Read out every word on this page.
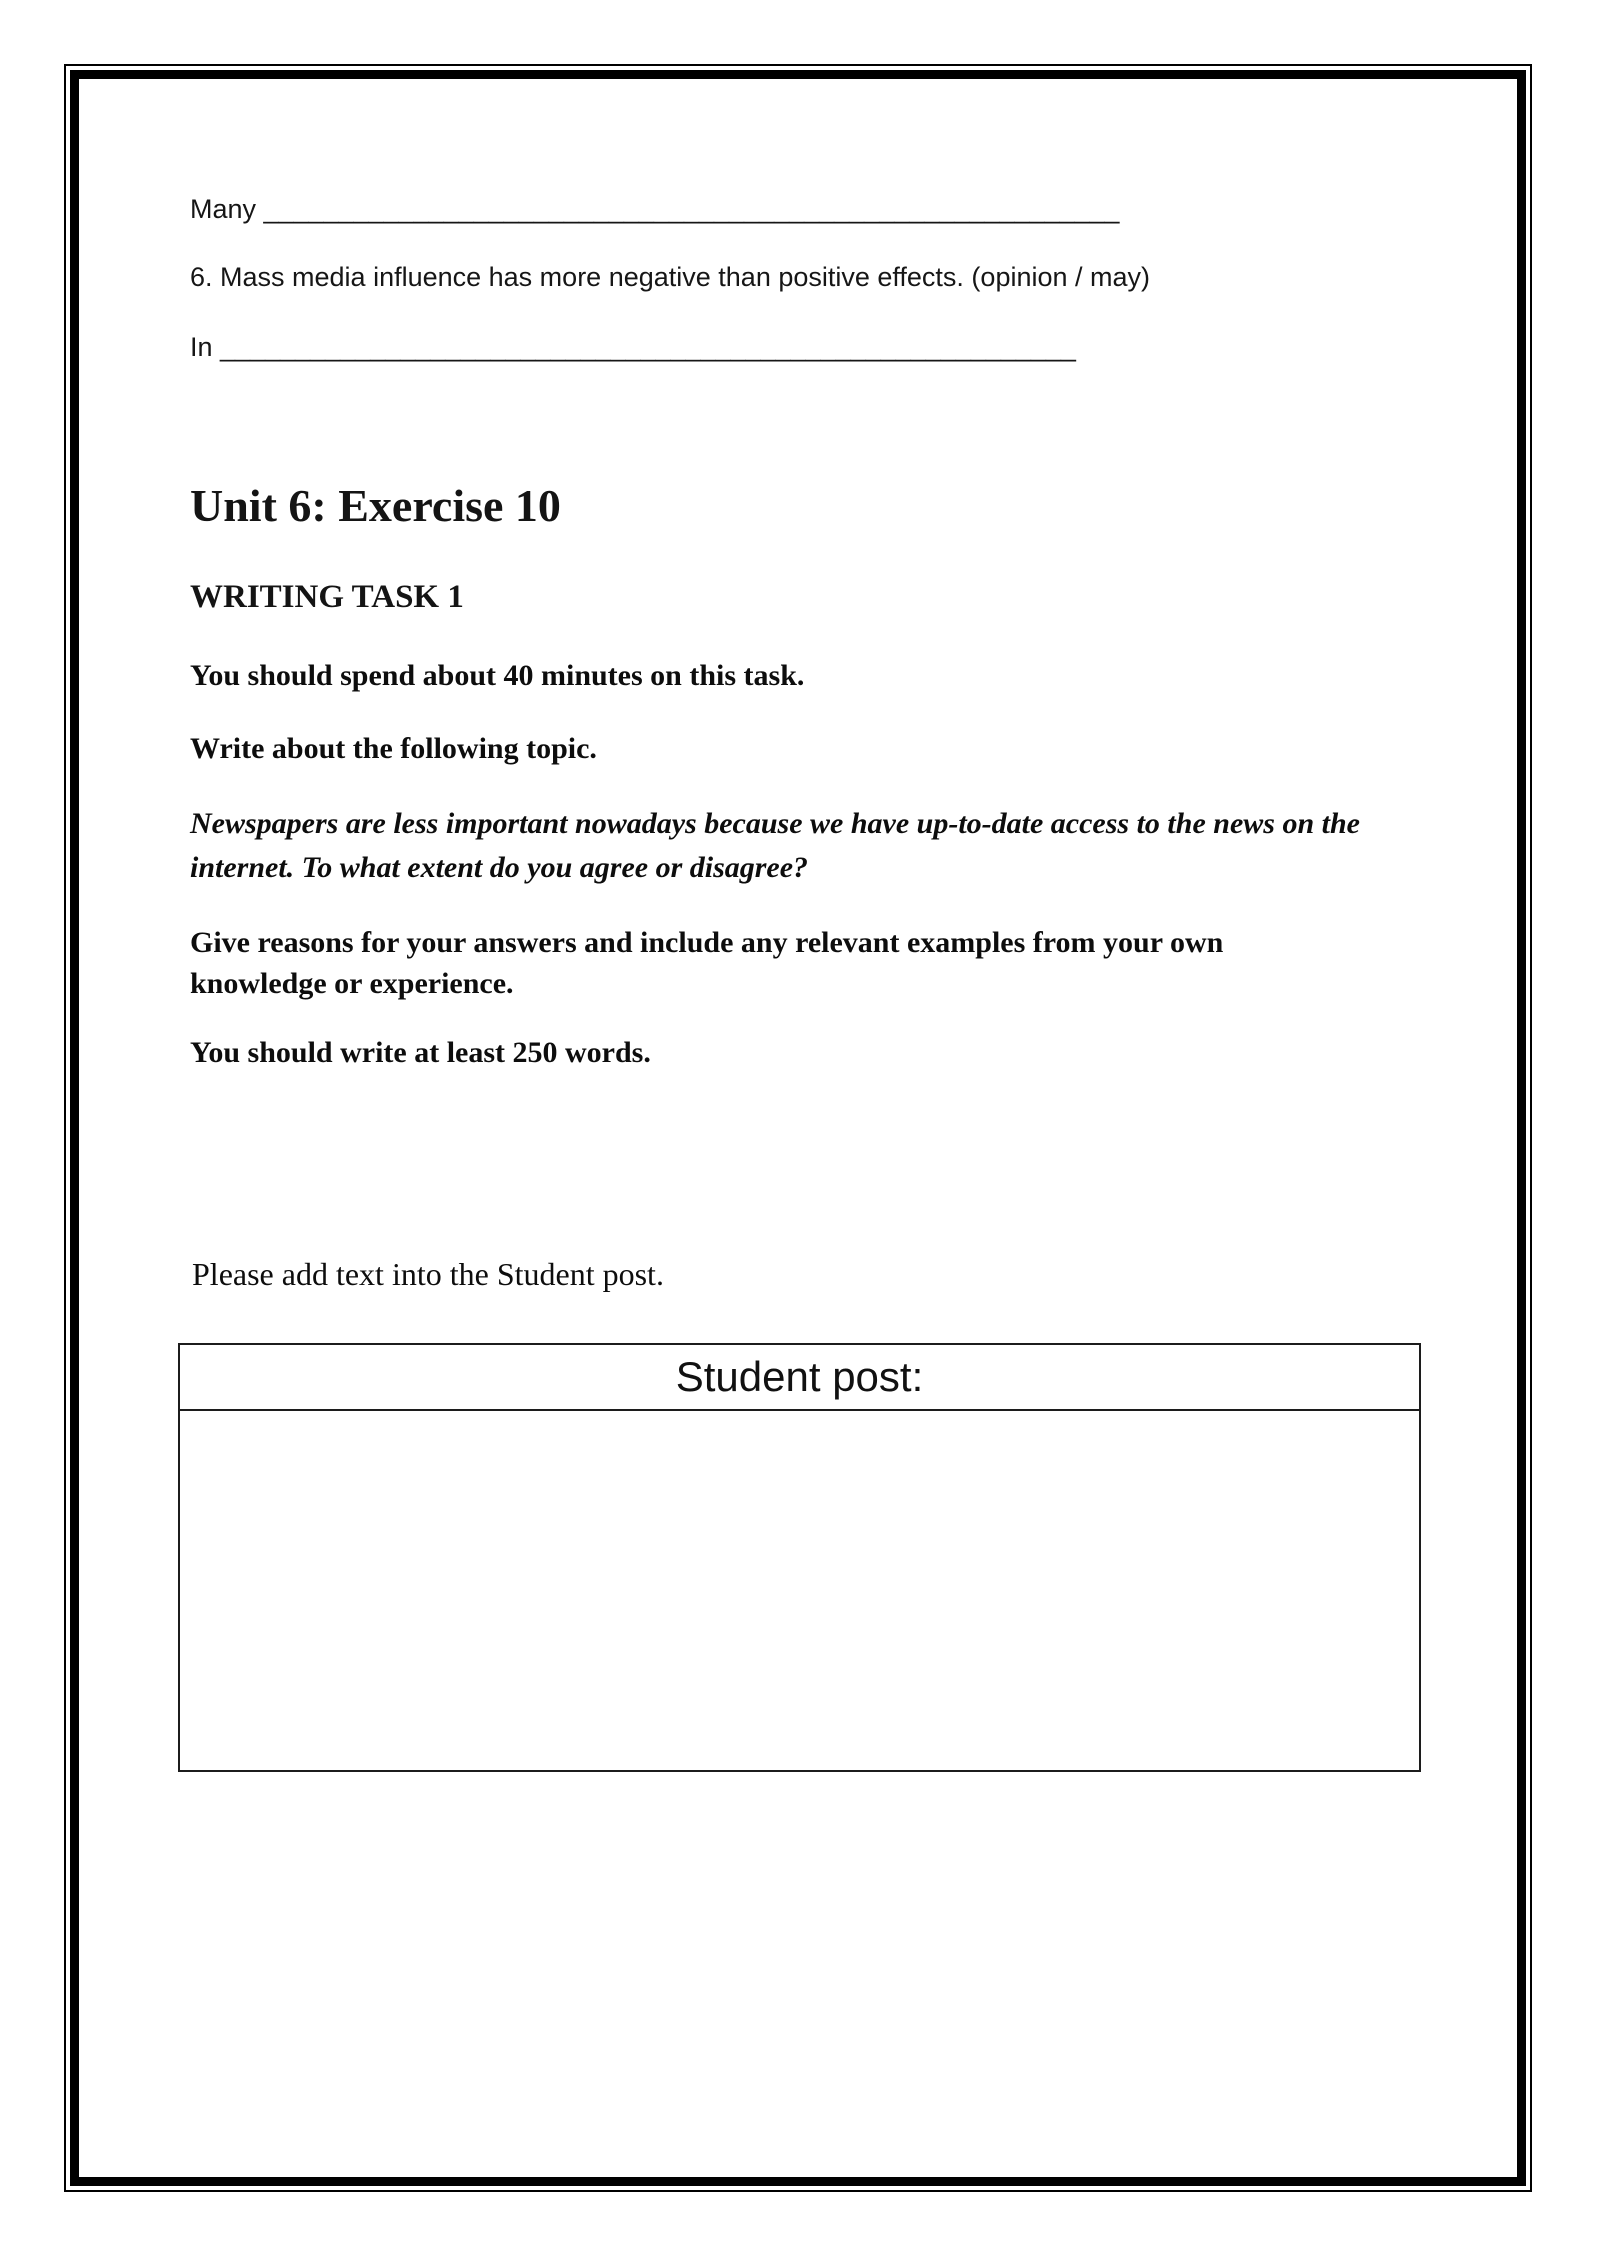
Many _________________________________________________________

6. Mass media influence has more negative than positive effects. (opinion / may)

In _________________________________________________________

Unit 6: Exercise 10
WRITING TASK 1

You should spend about 40 minutes on this task.

Write about the following topic.

Newspapers are less important nowadays because we have up-to-date access to the news on the internet. To what extent do you agree or disagree?

Give reasons for your answers and include any relevant examples from your own knowledge or experience.

You should write at least 250 words.

Please add text into the Student post.

Student post:
